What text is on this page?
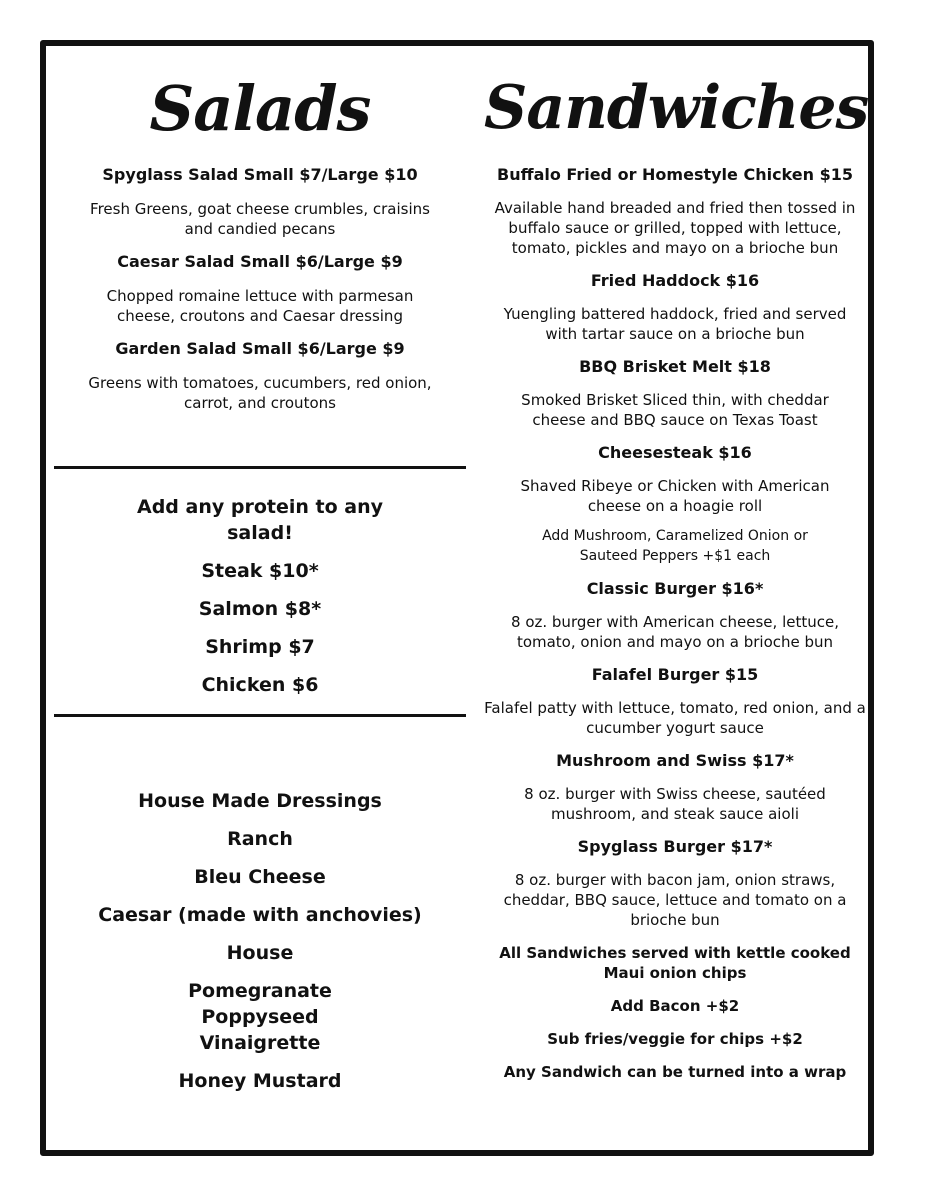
Salads
Spyglass Salad Small $7/Large $10
Fresh Greens, goat cheese crumbles, craisins and candied pecans
Caesar Salad Small $6/Large $9
Chopped romaine lettuce with parmesan cheese, croutons and Caesar dressing
Garden Salad Small $6/Large $9
Greens with tomatoes, cucumbers, red onion, carrot, and croutons
Add any protein to any salad!
Steak $10*
Salmon $8*
Shrimp $7
Chicken $6
House Made Dressings
Ranch
Bleu Cheese
Caesar (made with anchovies)
House
Pomegranate Poppyseed Vinaigrette
Honey Mustard
Sandwiches
Buffalo Fried or Homestyle Chicken $15
Available hand breaded and fried then tossed in buffalo sauce or grilled, topped with lettuce, tomato, pickles and mayo on a brioche bun
Fried Haddock $16
Yuengling battered haddock, fried and served with tartar sauce on a brioche bun
BBQ Brisket Melt $18
Smoked Brisket Sliced thin, with cheddar cheese and BBQ sauce on Texas Toast
Cheesesteak $16
Shaved Ribeye or Chicken with American cheese on a hoagie roll
Add Mushroom, Caramelized Onion or Sauteed Peppers +$1 each
Classic Burger $16*
8 oz. burger with American cheese, lettuce, tomato, onion and mayo on a brioche bun
Falafel Burger $15
Falafel patty with lettuce, tomato, red onion, and a cucumber yogurt sauce
Mushroom and Swiss $17*
8 oz. burger with Swiss cheese, sautéed mushroom, and steak sauce aioli
Spyglass Burger $17*
8 oz. burger with bacon jam, onion straws, cheddar, BBQ sauce, lettuce and tomato on a brioche bun
All Sandwiches served with kettle cooked Maui onion chips
Add Bacon +$2
Sub fries/veggie for chips +$2
Any Sandwich can be turned into a wrap
